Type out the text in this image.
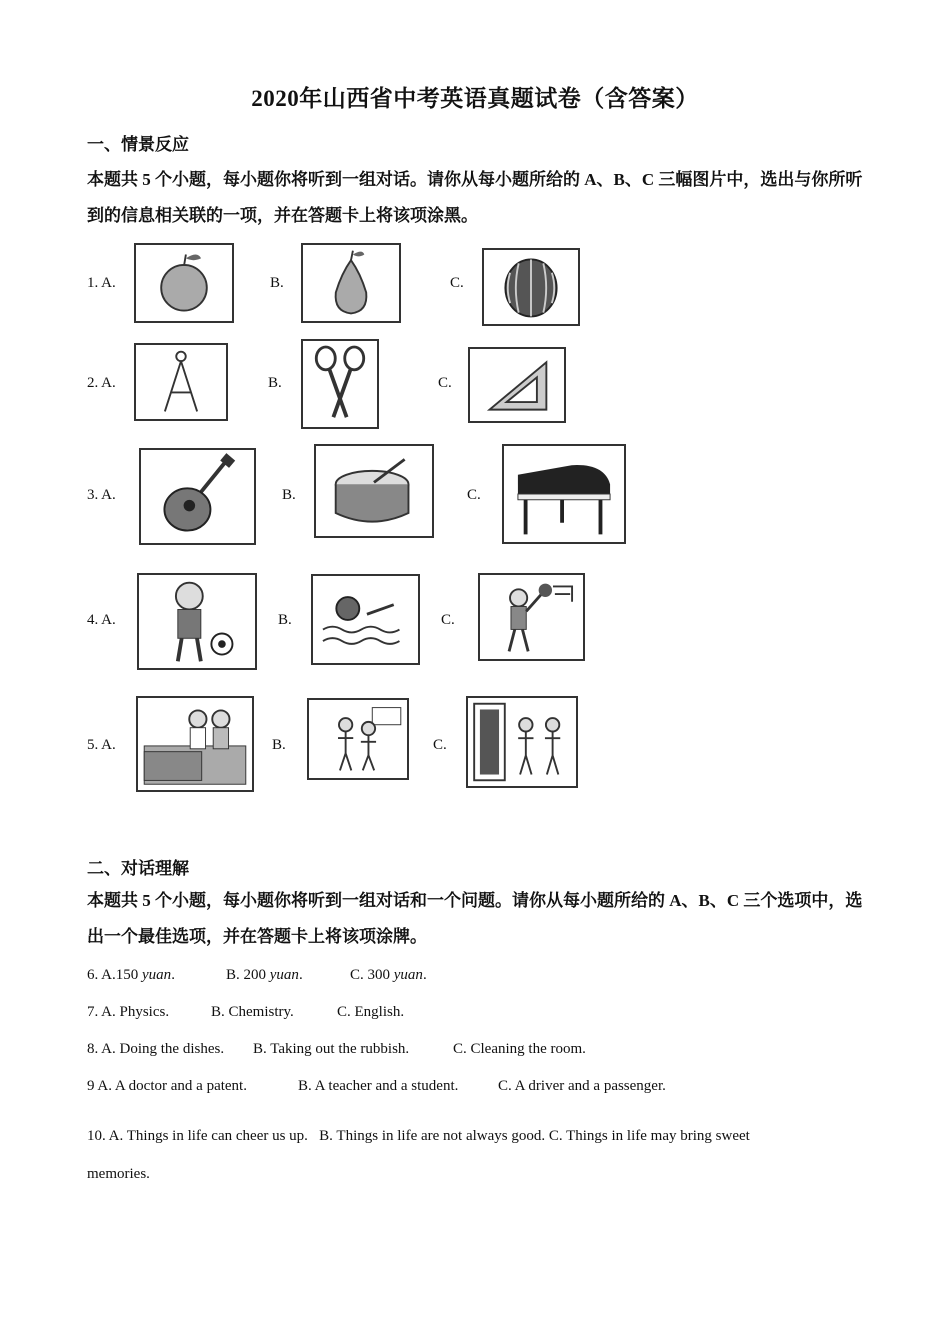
2020年山西省中考英语真题试卷（含答案）
一、情景反应
本题共 5 个小题，每小题你将听到一组对话。请你从每小题所给的 A、B、C 三幅图片中，选出与你所听到的信息相关联的一项，并在答题卡上将该项涂黑。
1. A.	B.	C.
2. A.	B.	C.
3. A.	B.	C.
4. A.	B.	C.
5. A.	B.	C.
二、对话理解
本题共 5 个小题，每小题你将听到一组对话和一个问题。请你从每小题所给的 A、B、C 三个选项中，选出一个最佳选项，并在答题卡上将该项涂牌。
6. A.150 yuan.	B. 200 yuan.	C. 300 yuan.
7. A. Physics.	B. Chemistry.	C. English.
8. A. Doing the dishes. B. Taking out the rubbish.	C. Cleaning the room.
9 A. A doctor and a patent.	B. A teacher and a student.	C. A driver and a passenger.
10. A. Things in life can cheer us up.   B. Things in life are not always good. C. Things in life may bring sweet
memories.
